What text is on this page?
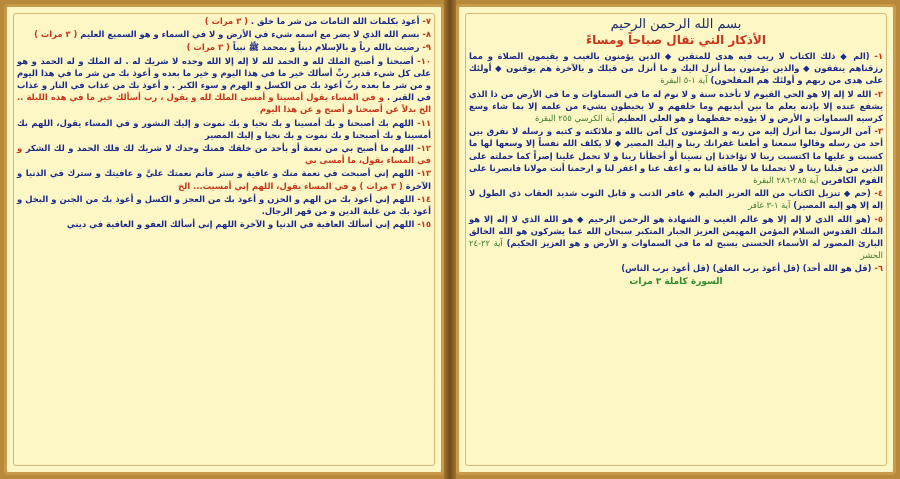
٧- أعوذ بكلمات الله التامات من شر ما خلق . ( ٣ مرات )
٨- بسم الله الذي لا يضر مع اسمه شيء في الأرض و لا في السماء و هو السميع العليم ( ٣ مرات )
٩- رضيت بالله رباً و بالإسلام ديناً و بمحمد ﷺ نبياً ( ٣ مرات )
١٠- أصبحنا و أصبح الملك لله و الحمد لله لا إله إلا الله وحده لا شريك له . له الملك و له الحمد و هو على كل شيء قدير ربِّ أسألك خير ما في هذا اليوم و خير ما بعده و أعوذ بك من شر ما في هذا اليوم و من شر ما بعده ربِّ أعوذ بك من الكسل و الهرم و سوء الكبر . و أعوذ بك من عذاب في النار و عذاب في القبر . و في المساء يقول أمسينا و أمسى الملك لله و يقول ، رب أسألك خير ما في هذه الليلة .. الخ بدلاً عن أصبحنا و أصبح و عن هذا اليوم
١١- اللهم بك أصبحنا و بك أمسينا و بك نحيا و بك نموت و إليك النشور و في المساء يقول، اللهم بك أمسينا و بك أصبحنا و بك نموت و بك نحيا و إليك المصير
١٢- اللهم ما أصبح بي من نعمة أو بأحد من خلقك فمنك وحدك لا شريك لك فلك الحمد و لك الشكر و في المساء يقول، ما أمسى بي
١٣- اللهم إني أصبحت في نعمة منك و عافية و ستر فأتم نعمتك عليَّ و عافيتك و سترك في الدنيا و الآخرة ( ٣ مرات ) و في المساء يقول، اللهم إني أمسيت... الخ
١٤- اللهم إني أعوذ بك من الهم و الحزن و أعوذ بك من العجز و الكسل و أعوذ بك من الجبن و البخل و أعوذ بك من غلبة الدين و من قهر الرجال.
١٥- اللهم إني أسألك العافية في الدنيا و الآخرة اللهم إني أسألك العفو و العافية في ديني
بسم الله الرحمن الرحيم
الأذكار التي تقال صباحاً ومساءً
١- (الم ◆ ذلك الكتاب لا ريب فيه هدى للمتقين ◆ الذين يؤمنون بالغيب و يقيمون الصلاة و مما رزقناهم ينفقون ◆ والذين يؤمنون بما أنزل اليك و ما أنزل من قبلك و بالآخرة هم يوقنون ◆ أولئك على هدى من ربهم و أولئك هم المفلحون) آية ١-٥ البقرة
٢- الله لا إله إلا هو الحي القيوم لا تأخذه سنة و لا نوم له ما في السماوات و ما في الأرض من ذا الذي يشفع عنده إلا بإذنه يعلم ما بين أيديهم وما خلفهم و لا يحيطون بشيء من علمه إلا بما شاء وسع كرسيه السماوات و الأرض و لا يؤوده حفظهما و هو العلي العظيم آية الكرسي ٢٥٥ البقرة
٣- آمن الرسول بما أنزل إليه من ربه و المؤمنون كل آمن بالله و ملائكته و كتبه و رسله لا نفرق بين أحد من رسله وقالوا سمعنا و أطعنا غفرانك ربنا و إليك المصير ◆ لا يكلف الله نفساً إلا وسعها لها ما كسبت و عليها ما اكتسبت ربنا لا تؤاخذنا إن نسينا أو أخطأنا ربنا و لا تحمل علينا إصراً كما حملته على الذين من قبلنا ربنا و لا تحملنا ما لا طاقة لنا به و اعف عنا و اغفر لنا و ارحمنا أنت مولانا فانصرنا على القوم الكافرين آية ٢٨٥-٢٨٦ البقرة
٤- (حم ◆ تنزيل الكتاب من الله العزيز العليم ◆ غافر الذنب و قابل التوب شديد العقاب ذي الطول لا إله إلا هو إليه المصير) آية ١-٣ غافر
٥- (هو الله الذي لا إله إلا هو عالم الغيب و الشهادة هو الرحمن الرحيم ◆ هو الله الذي لا إله إلا هو الملك القدوس السلام المؤمن المهيمن العزيز الجبار المتكبر سبحان الله عما يشركون هو الله الخالق البارئ المصور له الأسماء الحسنى يسبح له ما في السماوات و الأرض و هو العزيز الحكيم) آية ٢٢-٢٤ الحشر
٦- (قل هو الله أحد) (قل أعوذ برب الفلق) (قل أعوذ برب الناس)
السورة كاملة ٣ مرات
